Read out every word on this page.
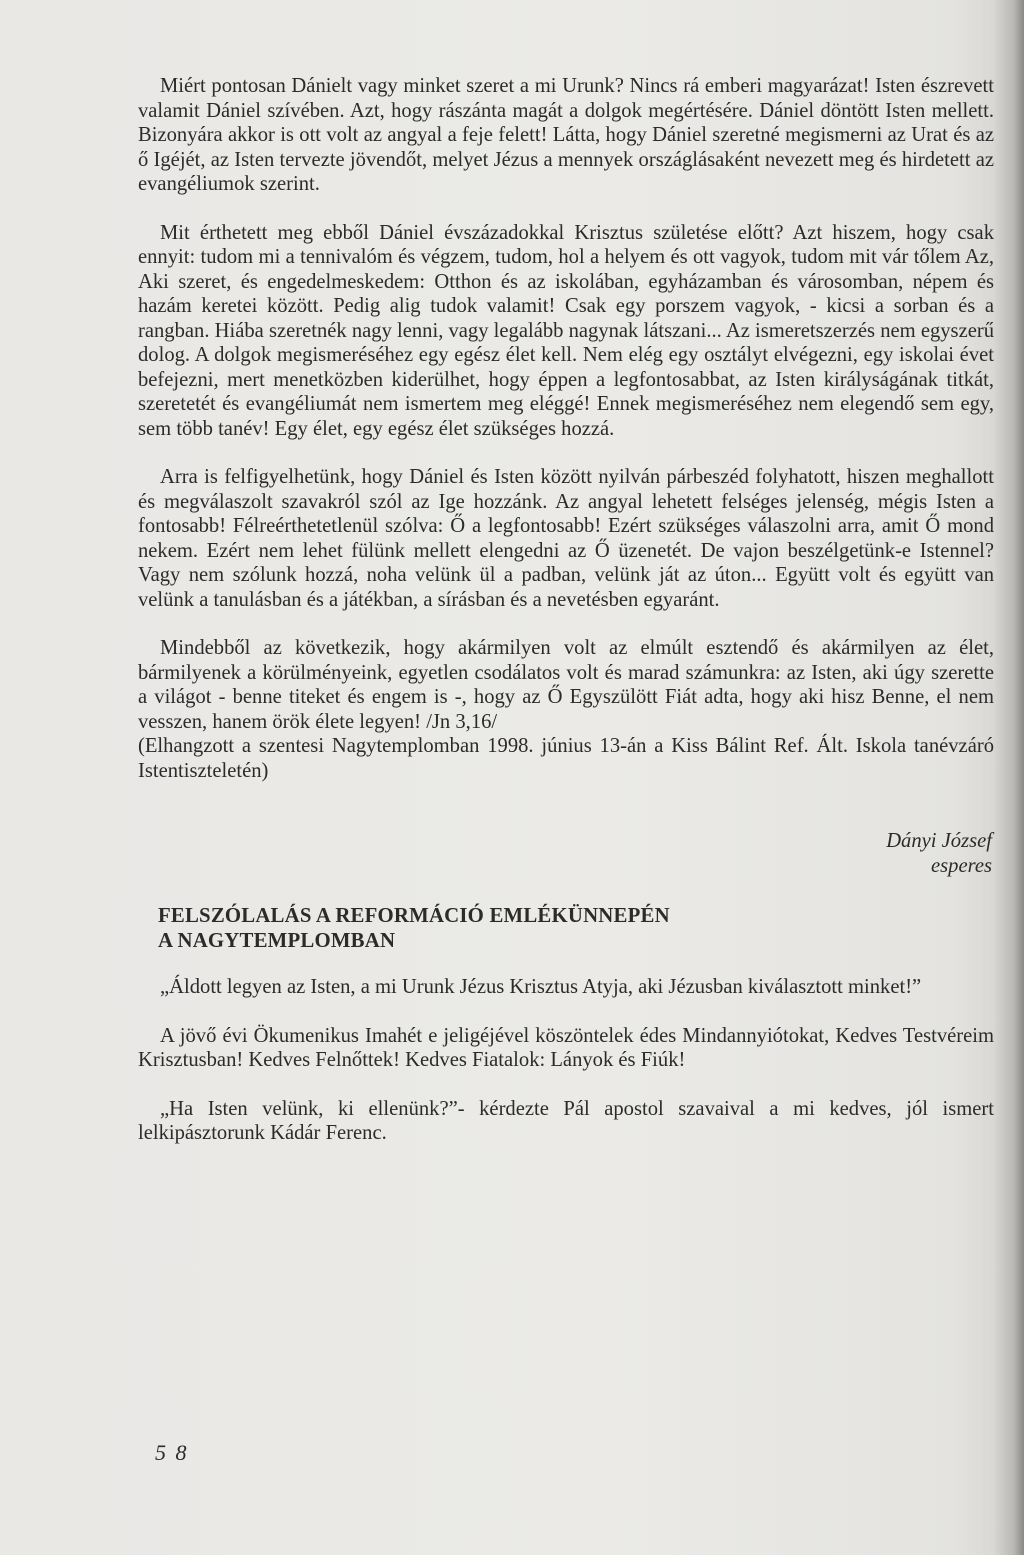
Miért pontosan Dánielt vagy minket szeret a mi Urunk? Nincs rá emberi magyarázat! Isten észrevett valamit Dániel szívében. Azt, hogy rászánta magát a dolgok megértésére. Dániel döntött Isten mellett. Bizonyára akkor is ott volt az angyal a feje felett! Látta, hogy Dániel szeretné megismerni az Urat és az ő Igéjét, az Isten tervezte jövendőt, melyet Jézus a mennyek országlásaként nevezett meg és hirdetett az evangéliumok szerint.

Mit érthetett meg ebből Dániel évszázadokkal Krisztus születése előtt? Azt hiszem, hogy csak ennyit: tudom mi a tennivalóm és végzem, tudom, hol a helyem és ott vagyok, tudom mit vár tőlem Az, Aki szeret, és engedelmeskedem: Otthon és az iskolában, egyházamban és városomban, népem és hazám keretei között. Pedig alig tudok valamit! Csak egy porszem vagyok, - kicsi a sorban és a rangban. Hiába szeretnék nagy lenni, vagy legalább nagynak látszani... Az ismeretszerzés nem egyszerű dolog. A dolgok megismeréséhez egy egész élet kell. Nem elég egy osztályt elvégezni, egy iskolai évet befejezni, mert menetközben kiderülhet, hogy éppen a legfontosabbat, az Isten királyságának titkát, szeretetét és evangéliumát nem ismertem meg eléggé! Ennek megismeréséhez nem elegendő sem egy, sem több tanév! Egy élet, egy egész élet szükséges hozzá.

Arra is felfigyelhetünk, hogy Dániel és Isten között nyilván párbeszéd folyhatott, hiszen meghallott és megválaszolt szavakról szól az Ige hozzánk. Az angyal lehetett felséges jelenség, mégis Isten a fontosabb! Félreérthetetlenül szólva: Ő a legfontosabb! Ezért szükséges válaszolni arra, amit Ő mond nekem. Ezért nem lehet fülünk mellett elengedni az Ő üzenetét. De vajon beszélgetünk-e Istennel? Vagy nem szólunk hozzá, noha velünk ül a padban, velünk ját az úton... Együtt volt és együtt van velünk a tanulásban és a játékban, a sírásban és a nevetésben egyaránt.

Mindebből az következik, hogy akármilyen volt az elmúlt esztendő és akármilyen az élet, bármilyenek a körülményeink, egyetlen csodálatos volt és marad számunkra: az Isten, aki úgy szerette a világot - benne titeket és engem is -, hogy az Ő Egyszülött Fiát adta, hogy aki hisz Benne, el nem vesszen, hanem örök élete legyen! /Jn 3,16/

(Elhangzott a szentesi Nagytemplomban 1998. június 13-án a Kiss Bálint Ref. Ált. Iskola tanévzáró Istentiszteletén)

Dányi József
esperes
FELSZÓLALÁS A REFORMÁCIÓ EMLÉKÜNNEPÉN
A NAGYTEMPLOMBAN

„Áldott legyen az Isten, a mi Urunk Jézus Krisztus Atyja, aki Jézusban kiválasztott minket!”

A jövő évi Ökumenikus Imahét e jeligéjével köszöntelek édes Mindannyiótokat, Kedves Testvéreim Krisztusban! Kedves Felnőttek! Kedves Fiatalok: Lányok és Fiúk!

„Ha Isten velünk, ki ellenünk?”- kérdezte Pál apostol szavaival a mi kedves, jól ismert lelkipásztorunk Kádár Ferenc.

5 8
